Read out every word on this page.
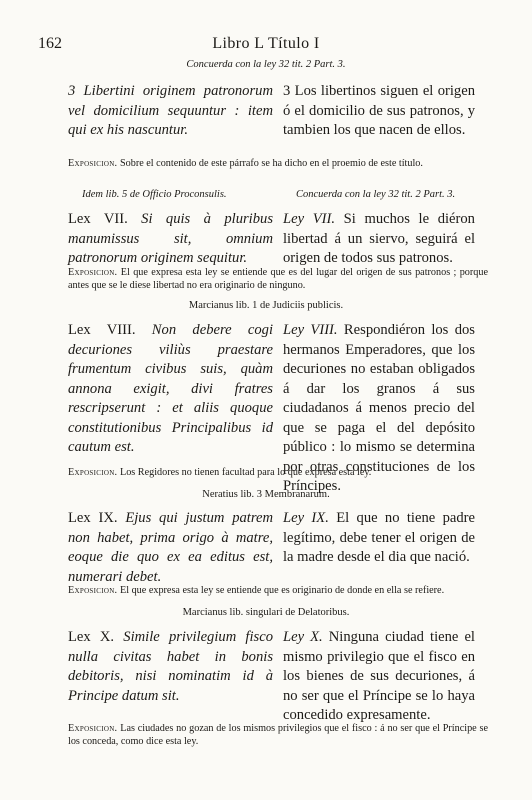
162	Libro L Título I
Concuerda con la ley 32 tit. 2 Part. 3.
3 Libertini originem patronorum vel domicilium sequuntur : item qui ex his nascuntur.
3 Los libertinos siguen el origen ó el domicilio de sus patronos, y tambien los que nacen de ellos.
Exposicion. Sobre el contenido de este párrafo se ha dicho en el proemio de este título.
Idem lib. 5 de Officio Proconsulis.	Concuerda con la ley 32 tit. 2 Part. 3.
Lex VII. Si quis à pluribus manumissus sit, omnium patronorum originem sequitur.
Ley VII. Si muchos le diéron libertad á un siervo, seguirá el origen de todos sus patronos.
Exposicion. El que expresa esta ley se entiende que es del lugar del origen de sus patronos ; porque antes que se le diese libertad no era originario de ninguno.
Marcianus lib. 1 de Judiciis publicis.
Lex VIII. Non debere cogi decuriones viliùs praestare frumentum civibus suis, quàm annona exigit, divi fratres rescripserunt : et aliis quoque constitutionibus Principalibus id cautum est.
Ley VIII. Respondiéron los dos hermanos Emperadores, que los decuriones no estaban obligados á dar los granos á sus ciudadanos á menos precio del que se paga el del depósito público : lo mismo se determina por otras constituciones de los Príncipes.
Exposicion. Los Regidores no tienen facultad para lo que expresa esta ley.
Neratius lib. 3 Membranarum.
Lex IX. Ejus qui justum patrem non habet, prima origo à matre, eoque die quo ex ea editus est, numerari debet.
Ley IX. El que no tiene padre legítimo, debe tener el origen de la madre desde el dia que nació.
Exposicion. El que expresa esta ley se entiende que es originario de donde en ella se refiere.
Marcianus lib. singulari de Delatoribus.
Lex X. Simile privilegium fisco nulla civitas habet in bonis debitoris, nisi nominatim id à Principe datum sit.
Ley X. Ninguna ciudad tiene el mismo privilegio que el fisco en los bienes de sus decuriones, á no ser que el Príncipe se lo haya concedido expresamente.
Exposicion. Las ciudades no gozan de los mismos privilegios que el fisco : á no ser que el Príncipe se los conceda, como dice esta ley.
